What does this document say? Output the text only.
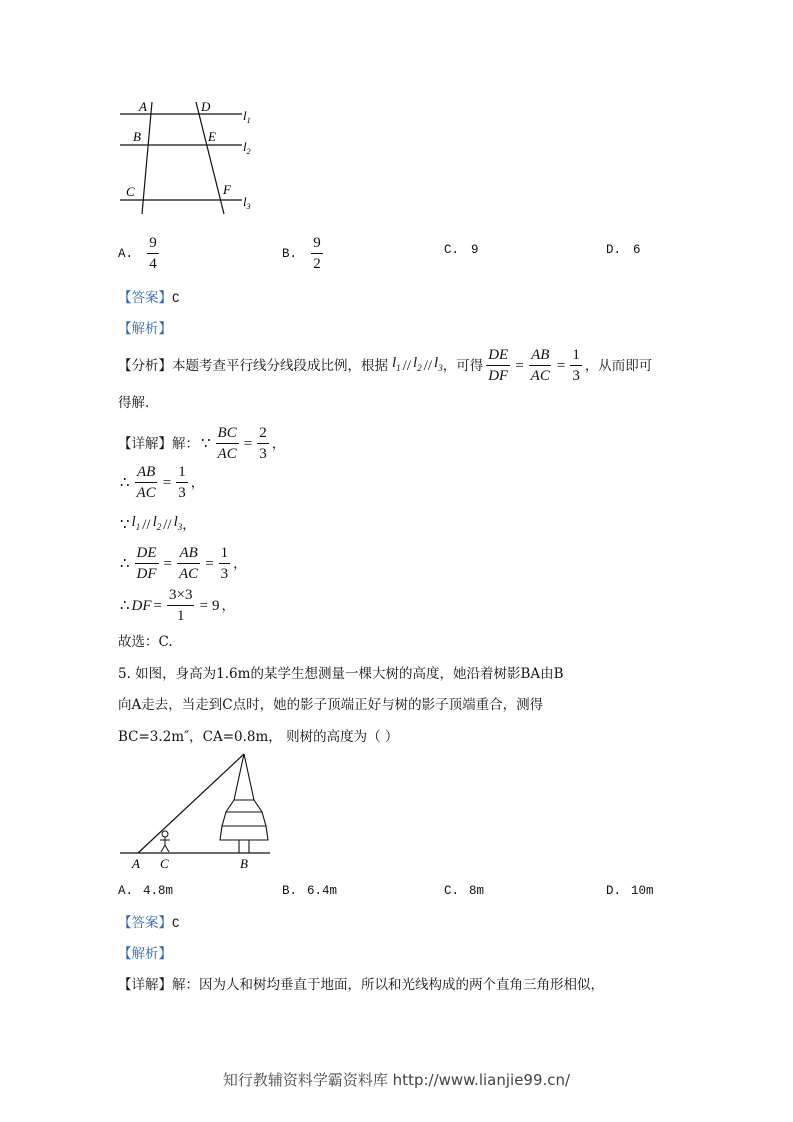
A	D
B	E
C	F
$l_1$
$l_2$
$l_3$
A. $\frac{9}{4}$	B. $\frac{9}{2}$	C. 9	D. 6
【答案】C
【解析】
【分析】 本题考查平行线分线段成比例，根据 $l_1 // l_2 // l_3$ ，可得 $\frac{DE}{DF} = \frac{AB}{AC} = \frac{1}{3}$ ，从而即可
得解.
【详解】 解： ∵ $\frac{BC}{AC} = \frac{2}{3}$ ，
∴ $\frac{AB}{AC} = \frac{1}{3}$ ，
∵ $l_1 // l_2 // l_3$ ，
∴ $\frac{DE}{DF} = \frac{AB}{AC} = \frac{1}{3}$ ，
∴ DF = $\frac{3\times 3}{1} = 9$ ，
故选：C.
5. 如图，身高为1.6m的某学生想测量一棵大树的高度，她沿着树影BA由B
向A走去，当走到C点时，她的影子顶端正好与树的影子顶端重合，测得
BC=3.2m″，CA=0.8m， 则树的高度为（ ）
A C	B
A. 4.8m	B. 6.4m	C. 8m	D. 10m
【答案】C
【解析】
【详解】解：因为人和树均垂直于地面，所以和光线构成的两个直角三角形相似，
知行教辅资料学霸资料库 http://www.lianjie99.cn/
